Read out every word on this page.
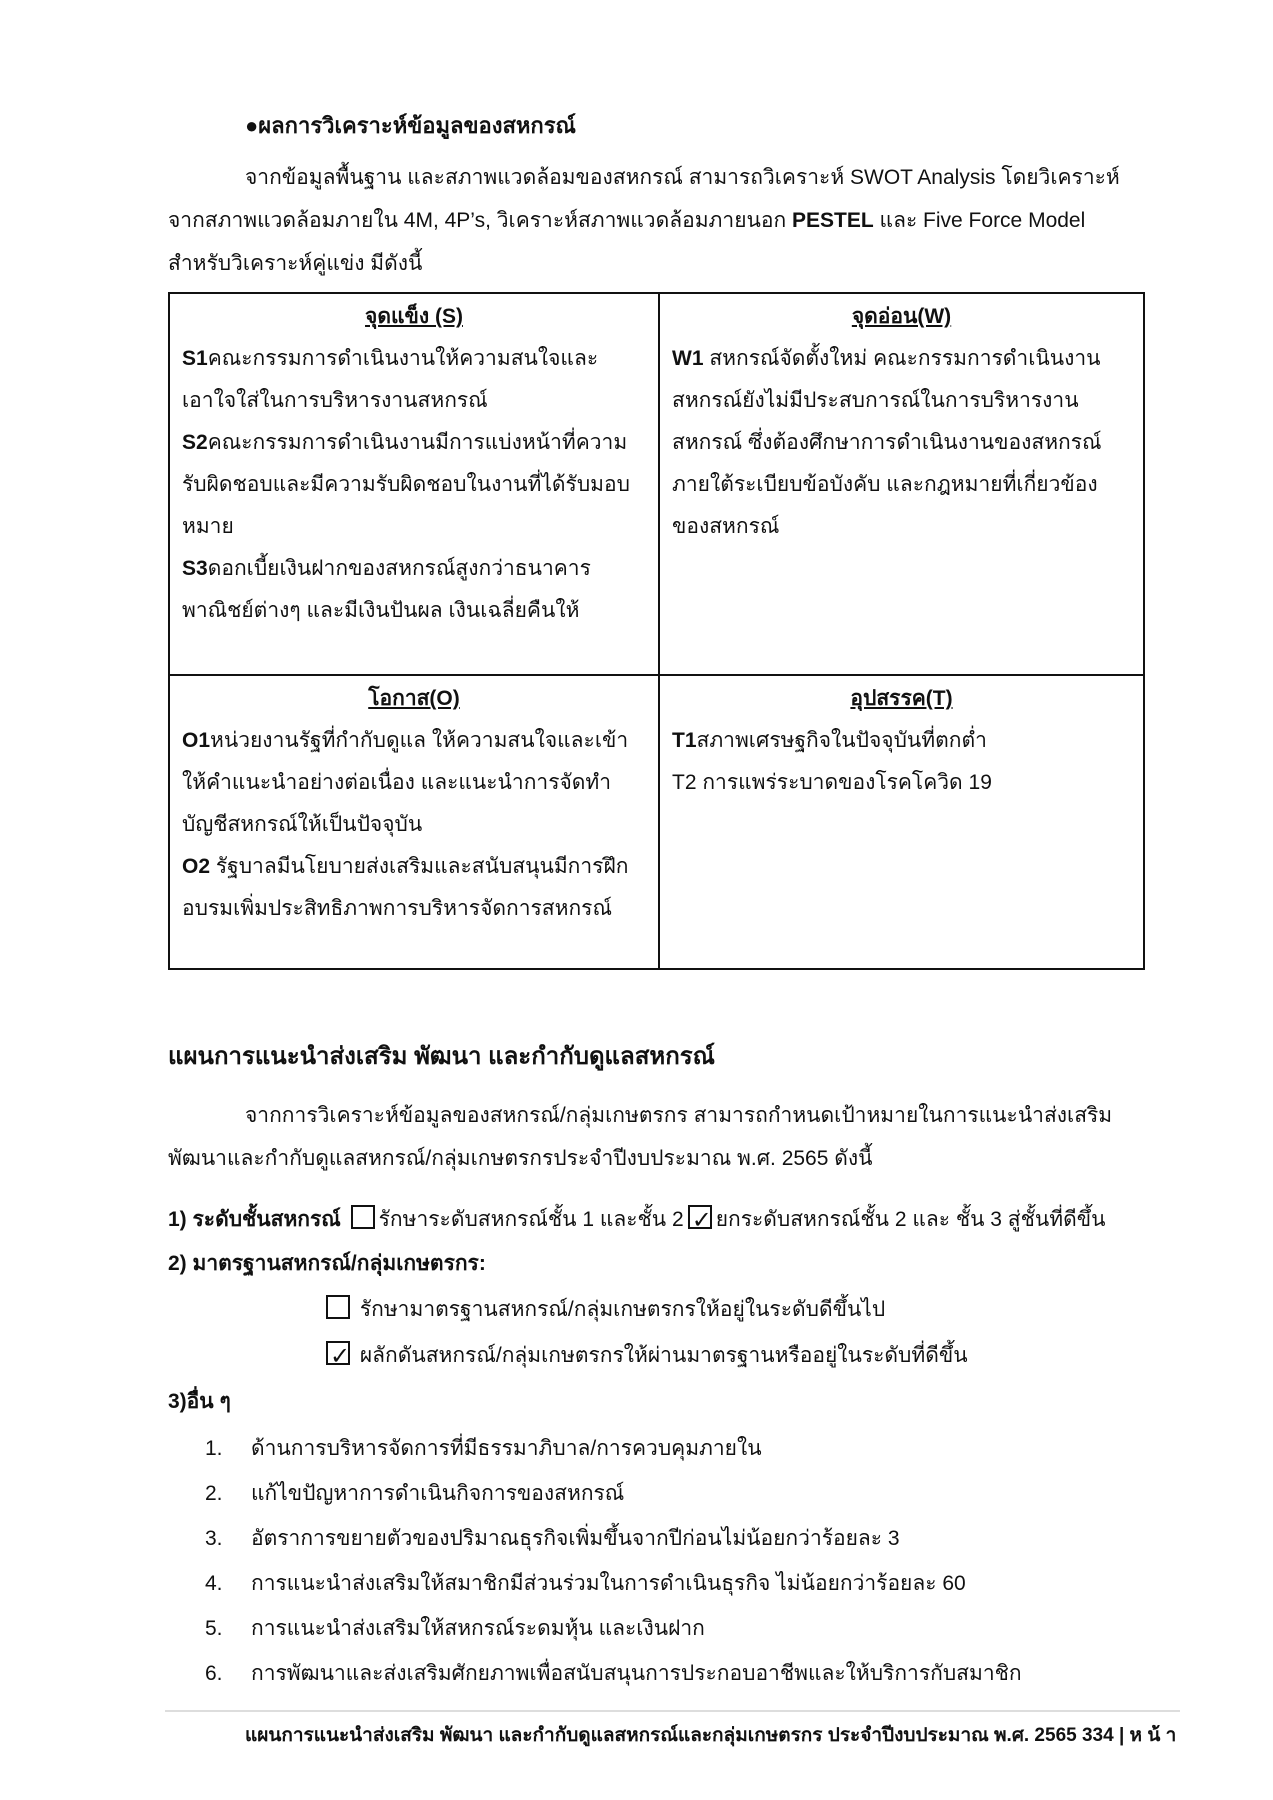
●ผลการวิเคราะห์ข้อมูลของสหกรณ์
จากข้อมูลพื้นฐาน และสภาพแวดล้อมของสหกรณ์ สามารถวิเคราะห์ SWOT Analysis โดยวิเคราะห์
จากสภาพแวดล้อมภายใน 4M, 4P’s, วิเคราะห์สภาพแวดล้อมภายนอก PESTEL และ Five Force Model
สำหรับวิเคราะห์คู่แข่ง มีดังนี้
จุดแข็ง (S)
S1คณะกรรมการดำเนินงานให้ความสนใจและเอาใจใส่ในการบริหารงานสหกรณ์
S2คณะกรรมการดำเนินงานมีการแบ่งหน้าที่ความรับผิดชอบและมีความรับผิดชอบในงานที่ได้รับมอบหมาย
S3ดอกเบี้ยเงินฝากของสหกรณ์สูงกว่าธนาคารพาณิชย์ต่างๆ และมีเงินปันผล เงินเฉลี่ยคืนให้
จุดอ่อน(W)
W1 สหกรณ์จัดตั้งใหม่ คณะกรรมการดำเนินงานสหกรณ์ยังไม่มีประสบการณ์ในการบริหารงานสหกรณ์ ซึ่งต้องศึกษาการดำเนินงานของสหกรณ์ ภายใต้ระเบียบข้อบังคับ และกฎหมายที่เกี่ยวข้องของสหกรณ์
โอกาส(O)
O1หน่วยงานรัฐที่กำกับดูแล ให้ความสนใจและเข้าให้คำแนะนำอย่างต่อเนื่อง และแนะนำการจัดทำบัญชีสหกรณ์ให้เป็นปัจจุบัน
O2 รัฐบาลมีนโยบายส่งเสริมและสนับสนุนมีการฝึกอบรมเพิ่มประสิทธิภาพการบริหารจัดการสหกรณ์
อุปสรรค(T)
T1สภาพเศรษฐกิจในปัจจุบันที่ตกต่ำ
T2 การแพร่ระบาดของโรคโควิด 19
แผนการแนะนำส่งเสริม พัฒนา และกำกับดูแลสหกรณ์
จากการวิเคราะห์ข้อมูลของสหกรณ์/กลุ่มเกษตรกร สามารถกำหนดเป้าหมายในการแนะนำส่งเสริม
พัฒนาและกำกับดูแลสหกรณ์/กลุ่มเกษตรกรประจำปีงบประมาณ พ.ศ. 2565 ดังนี้
1) ระดับชั้นสหกรณ์ รักษาระดับสหกรณ์ชั้น 1 และชั้น 2 ✓ ยกระดับสหกรณ์ชั้น 2 และ ชั้น 3 สู่ชั้นที่ดีขึ้น
2) มาตรฐานสหกรณ์/กลุ่มเกษตรกร:
รักษามาตรฐานสหกรณ์/กลุ่มเกษตรกรให้อยู่ในระดับดีขึ้นไป
✓ ผลักดันสหกรณ์/กลุ่มเกษตรกรให้ผ่านมาตรฐานหรืออยู่ในระดับที่ดีขึ้น
3)อื่น ๆ
1. ด้านการบริหารจัดการที่มีธรรมาภิบาล/การควบคุมภายใน
2. แก้ไขปัญหาการดำเนินกิจการของสหกรณ์
3. อัตราการขยายตัวของปริมาณธุรกิจเพิ่มขึ้นจากปีก่อนไม่น้อยกว่าร้อยละ 3
4. การแนะนำส่งเสริมให้สมาชิกมีส่วนร่วมในการดำเนินธุรกิจ ไม่น้อยกว่าร้อยละ 60
5. การแนะนำส่งเสริมให้สหกรณ์ระดมหุ้น และเงินฝาก
6. การพัฒนาและส่งเสริมศักยภาพเพื่อสนับสนุนการประกอบอาชีพและให้บริการกับสมาชิก
แผนการแนะนำส่งเสริม พัฒนา และกำกับดูแลสหกรณ์และกลุ่มเกษตรกร ประจำปีงบประมาณ พ.ศ. 2565 334 | ห น้ า
